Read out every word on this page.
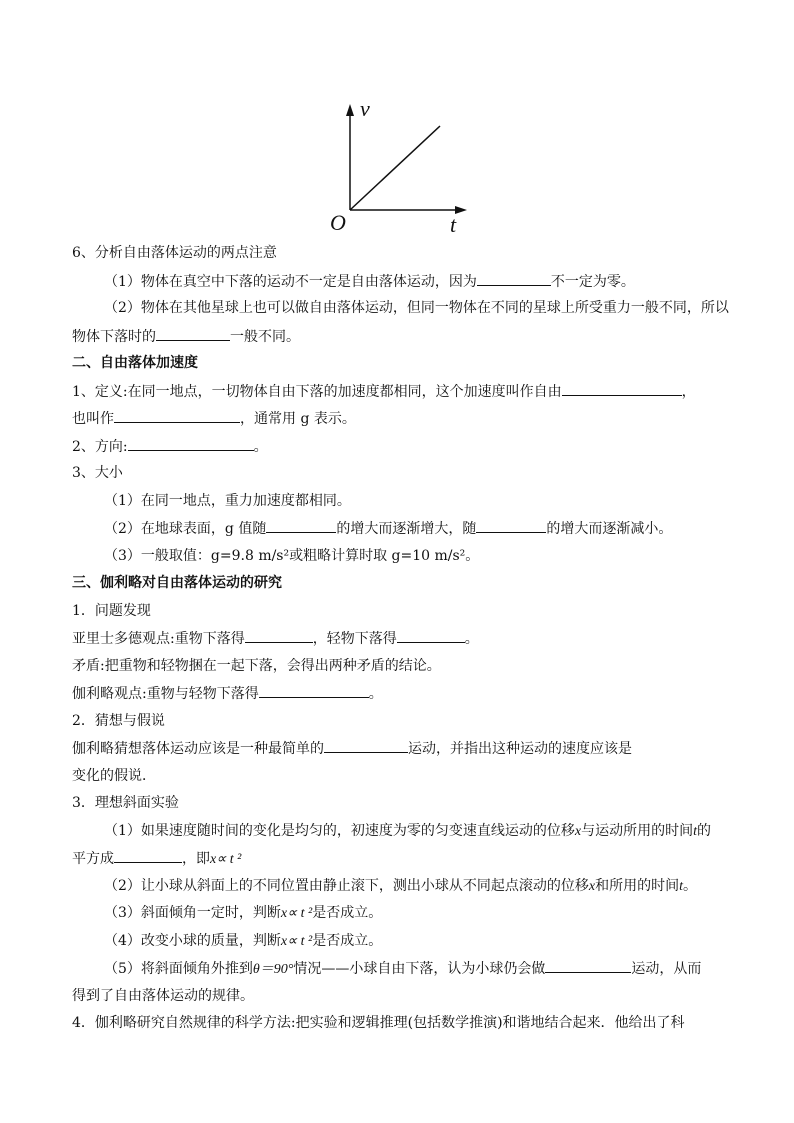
v
t
O
6、分析自由落体运动的两点注意
（1）物体在真空中下落的运动不一定是自由落体运动，因为	不一定为零。
（2）物体在其他星球上也可以做自由落体运动，但同一物体在不同的星球上所受重力一般不同，所以
物体下落时的	一般不同。
二、自由落体加速度
1、定义:在同一地点，一切物体自由下落的加速度都相同，这个加速度叫作自由	，
也叫作	，通常用 g 表示。
2、方向:	。
3、大小
（1）在同一地点，重力加速度都相同。
（2）在地球表面，g 值随	的增大而逐渐增大，随	的增大而逐渐减小。
（3）一般取值：g=9.8 m/s²或粗略计算时取 g=10 m/s²。
三、伽利略对自由落体运动的研究
1．问题发现
亚里士多德观点:重物下落得	，轻物下落得	。
矛盾:把重物和轻物捆在一起下落，会得出两种矛盾的结论。
伽利略观点:重物与轻物下落得	。
2．猜想与假说
伽利略猜想落体运动应该是一种最简单的	运动，并指出这种运动的速度应该是
变化的假说．
3．理想斜面实验
（1）如果速度随时间的变化是均匀的，初速度为零的匀变速直线运动的位移x与运动所用的时间t的
平方成	，即x∝ t ²
（2）让小球从斜面上的不同位置由静止滚下，测出小球从不同起点滚动的位移x和所用的时间t。
（3）斜面倾角一定时，判断x∝ t ²是否成立。
（4）改变小球的质量，判断x∝ t ²是否成立。
（5）将斜面倾角外推到θ＝90°情况——小球自由下落，认为小球仍会做	运动，从而
得到了自由落体运动的规律。
4．伽利略研究自然规律的科学方法:把实验和逻辑推理(包括数学推演)和谐地结合起来．他给出了科
